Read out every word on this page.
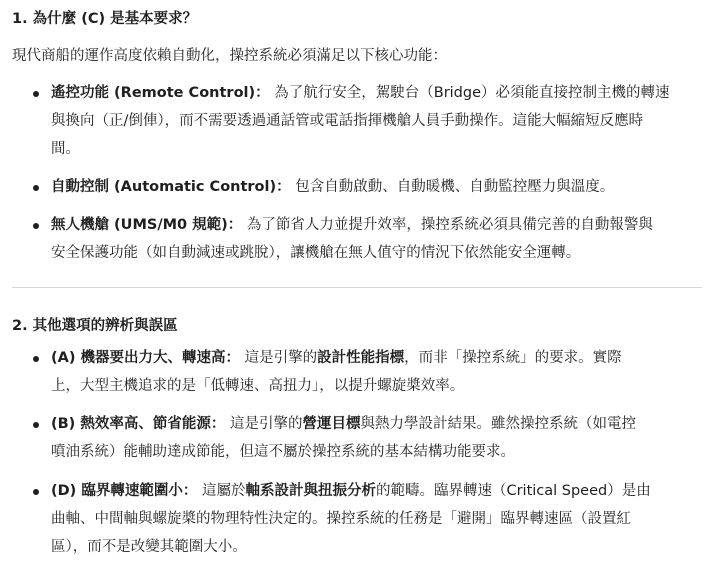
1. 為什麼 (C) 是基本要求？
現代商船的運作高度依賴自動化，操控系統必須滿足以下核心功能：
遙控功能 (Remote Control)： 為了航行安全，駕駛台（Bridge）必須能直接控制主機的轉速
與換向（正/倒俥），而不需要透過通話管或電話指揮機艙人員手動操作。這能大幅縮短反應時
間。
自動控制 (Automatic Control)： 包含自動啟動、自動暖機、自動監控壓力與溫度。
無人機艙 (UMS/M0 規範)： 為了節省人力並提升效率，操控系統必須具備完善的自動報警與
安全保護功能（如自動減速或跳脫），讓機艙在無人值守的情況下依然能安全運轉。
2. 其他選項的辨析與誤區
(A) 機器要出力大、轉速高： 這是引擎的設計性能指標，而非「操控系統」的要求。實際
上，大型主機追求的是「低轉速、高扭力」，以提升螺旋槳效率。
(B) 熱效率高、節省能源： 這是引擎的營運目標與熱力學設計結果。雖然操控系統（如電控
噴油系統）能輔助達成節能，但這不屬於操控系統的基本結構功能要求。
(D) 臨界轉速範圍小： 這屬於軸系設計與扭振分析的範疇。臨界轉速（Critical Speed）是由
曲軸、中間軸與螺旋槳的物理特性決定的。操控系統的任務是「避開」臨界轉速區（設置紅
區），而不是改變其範圍大小。
